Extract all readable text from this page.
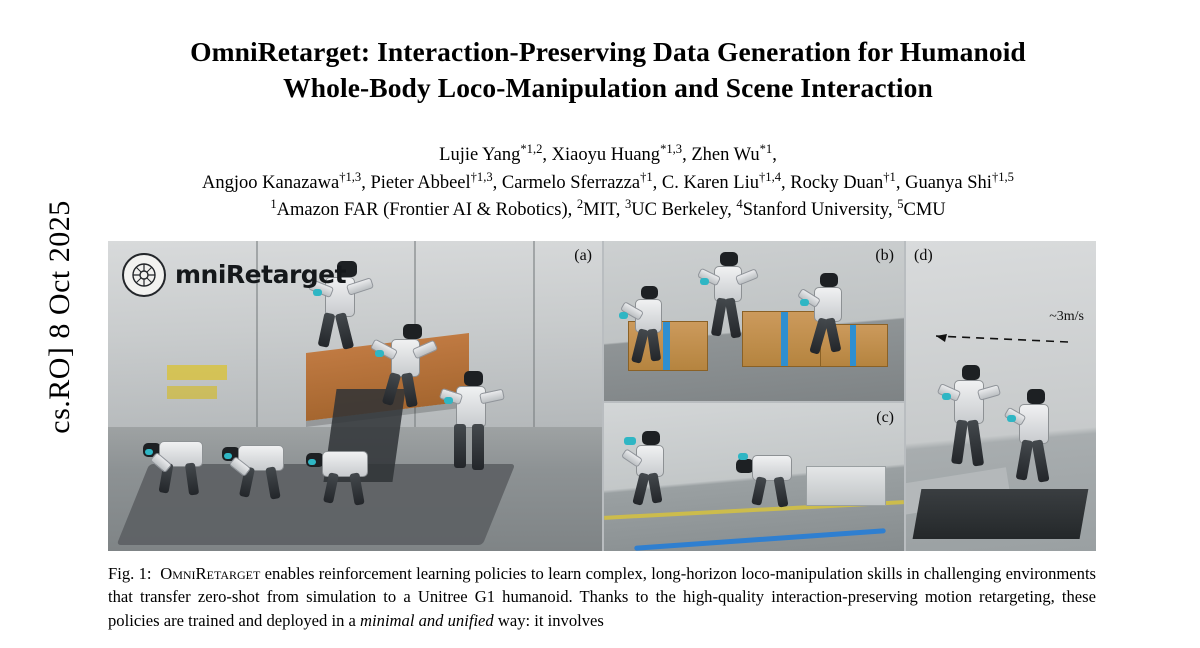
cs.RO] 8 Oct 2025
OmniRetarget: Interaction-Preserving Data Generation for Humanoid
Whole-Body Loco-Manipulation and Scene Interaction
Lujie Yang$^{*1,2}$, Xiaoyu Huang$^{*1,3}$, Zhen Wu$^{*1}$,
Angjoo Kanazawa$^{\dagger 1,3}$, Pieter Abbeel$^{\dagger 1,3}$, Carmelo Sferrazza$^{\dagger 1}$, C. Karen Liu$^{\dagger 1,4}$, Rocky Duan$^{\dagger 1}$, Guanya Shi$^{\dagger 1,5}$
$^1$Amazon FAR (Frontier AI & Robotics), $^2$MIT, $^3$UC Berkeley, $^4$Stanford University, $^5$CMU
mniRetarget
(a)	(b)
(c)
~3m/s
(d)

Fig. 1: OmniRetarget enables reinforcement learning policies to learn complex, long-horizon loco-manipulation skills in challenging environments that transfer zero-shot from simulation to a Unitree G1 humanoid. Thanks to the high-quality interaction-preserving motion retargeting, these policies are trained and deployed in a minimal and unified way: it involves
